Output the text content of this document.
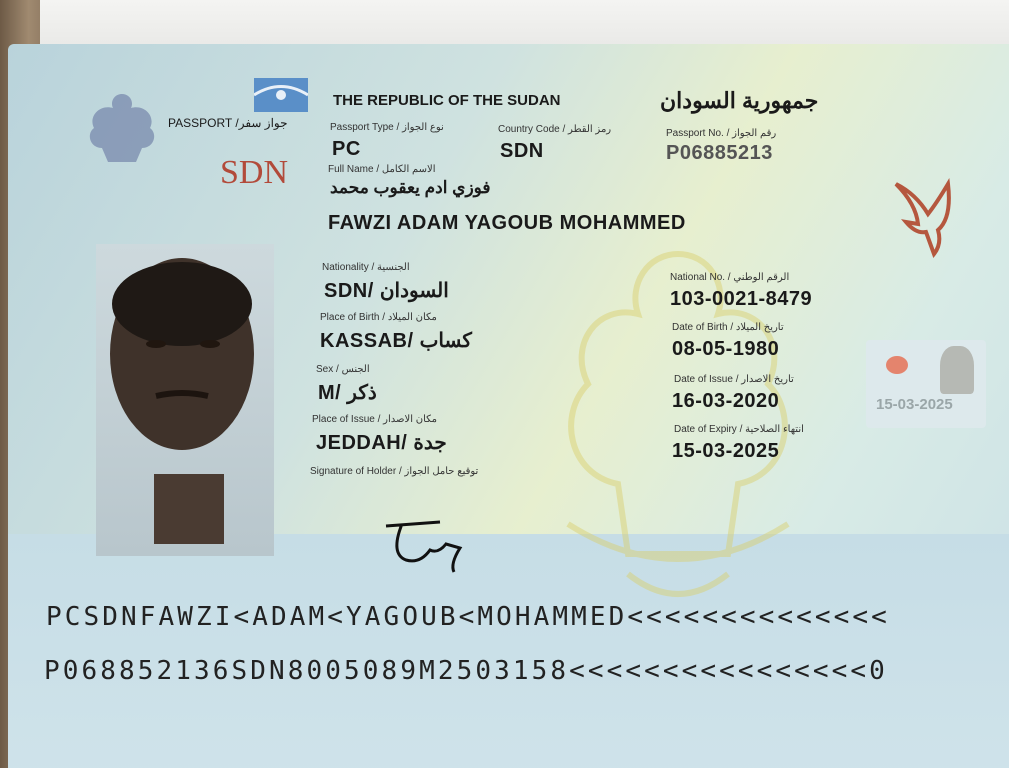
PASSPORT /جواز سفر
THE REPUBLIC OF THE SUDAN	جمهورية السودان
SDN
Passport Type / نوع الجواز
PC
Country Code / رمز القطر
SDN
Passport No. / رقم الجواز
P06885213
Full Name / الاسم الكامل
فوزي ادم يعقوب محمد
FAWZI ADAM YAGOUB MOHAMMED
Nationality / الجنسية
SDN/ السودان
Place of Birth / مكان الميلاد
KASSAB/ كساب
Sex / الجنس
M/ ذكر
Place of Issue / مكان الاصدار
JEDDAH/ جدة
Signature of Holder / توقيع حامل الجواز
National No. / الرقم الوطني
103-0021-8479
Date of Birth / تاريخ الميلاد
08-05-1980
Date of Issue / تاريخ الاصدار
16-03-2020
Date of Expiry / انتهاء الصلاحية
15-03-2025
15-03-2025
PCSDNFAWZI<ADAM<YAGOUB<MOHAMMED<<<<<<<<<<<<<<
P068852136SDN8005089M2503158<<<<<<<<<<<<<<<<0
